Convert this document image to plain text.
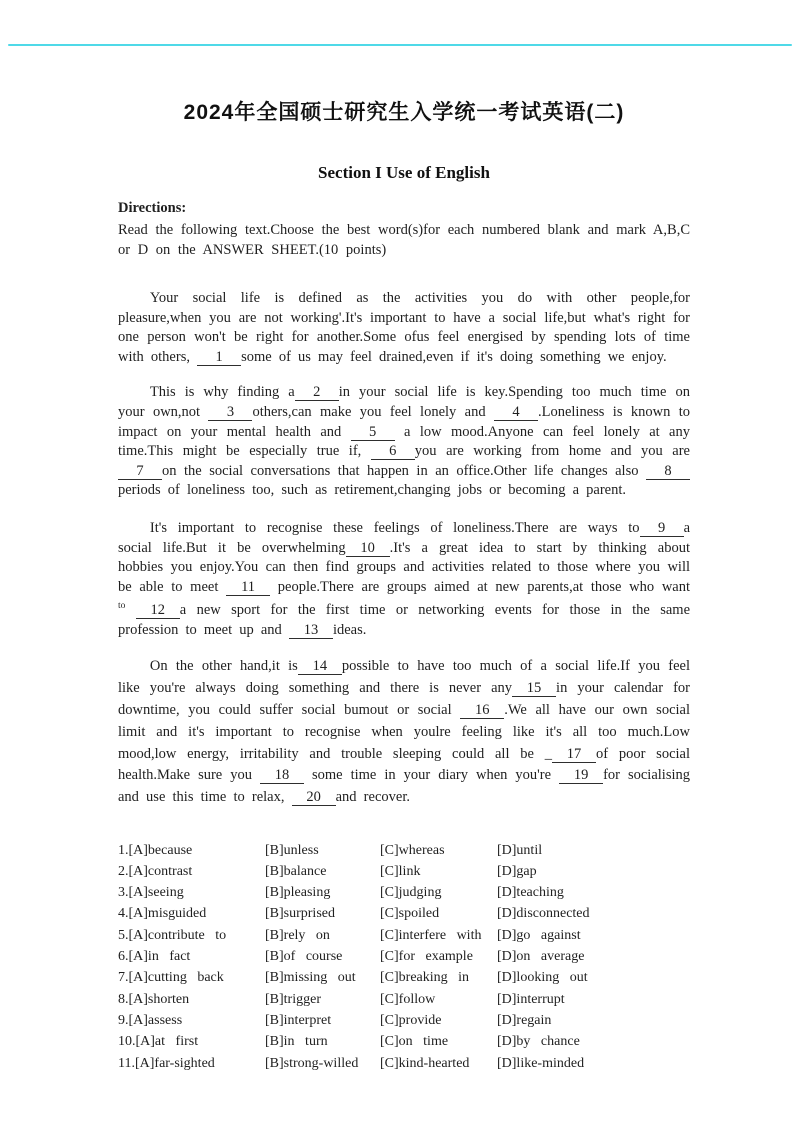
2024年全国硕士研究生入学统一考试英语(二)
Section I Use of English
Directions:
Read the following text.Choose the best word(s)for each numbered blank and mark A,B,C or D on the ANSWER SHEET.(10 points)

Your social life is defined as the activities you do with other people,for pleasure,when you are not working'.It's important to have a social life,but what's right for one person won't be right for another.Some ofus feel energised by spending lots of time with others, 1 some of us may feel drained,even if it's doing something we enjoy.

This is why finding a 2 in your social life is key.Spending too much time on your own,not 3 others,can make you feel lonely and 4 .Loneliness is known to impact on your mental health and 5 a low mood.Anyone can feel lonely at any time.This might be especially true if, 6 you are working from home and you are 7 on the social conversations that happen in an office.Other life changes also 8 periods of loneliness too, such as retirement,changing jobs or becoming a parent.

It's important to recognise these feelings of loneliness.There are ways to 9 a social life.But it be overwhelming 10 .It's a great idea to start by thinking about hobbies you enjoy.You can then find groups and activities related to those where you will be able to meet 11 people.There are groups aimed at new parents,at those who want $^{to}$ 12 a new sport for the first time or networking events for those in the same profession to meet up and 13 ideas.

On the other hand,it is 14 possible to have too much of a social life.If you feel like you're always doing something and there is never any 15 in your calendar for downtime, you could suffer social bumout or social 16 .We all have our own social limit and it's important to recognise when youlre feeling like it's all too much.Low mood,low energy, irritability and trouble sleeping could all be _ 17 of poor social health.Make sure you 18 some time in your diary when you're 19 for socialising and use this time to relax, 20 and recover.

1.[A]because	[B]unless	[C]whereas	[D]until
2.[A]contrast	[B]balance	[C]link	[D]gap
3.[A]seeing	[B]pleasing	[C]judging	[D]teaching
4.[A]misguided	[B]surprised	[C]spoiled	[D]disconnected
5.[A]contribute to	[B]rely on	[C]interfere with	[D]go against
6.[A]in fact	[B]of course	[C]for example	[D]on average
7.[A]cutting back	[B]missing out	[C]breaking in	[D]looking out
8.[A]shorten	[B]trigger	[C]follow	[D]interrupt
9.[A]assess	[B]interpret	[C]provide	[D]regain
10.[A]at first	[B]in turn	[C]on time	[D]by chance
11.[A]far-sighted	[B]strong-willed	[C]kind-hearted	[D]like-minded
